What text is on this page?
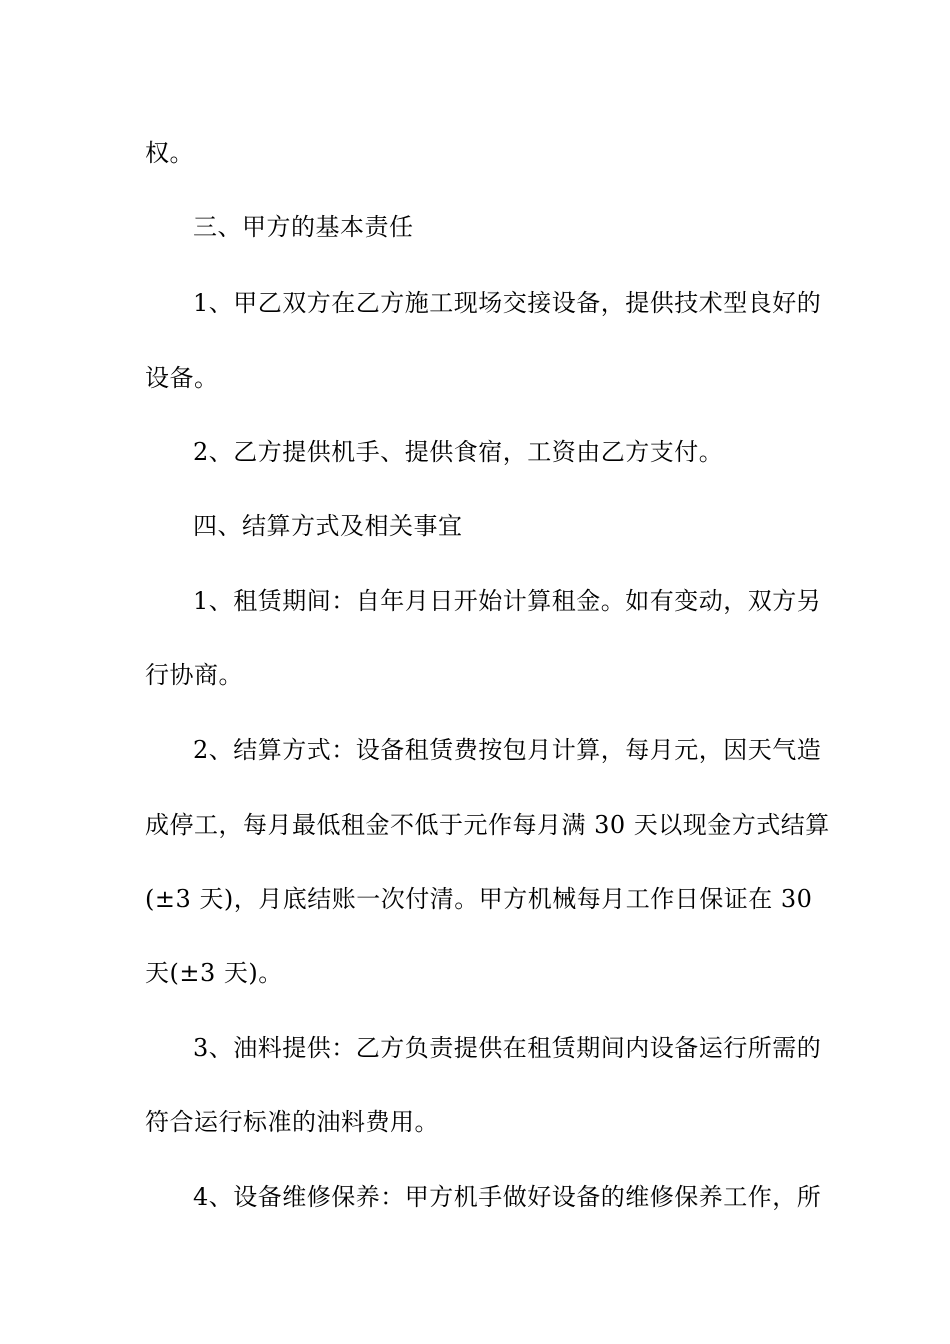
权。
三、甲方的基本责任
1、甲乙双方在乙方施工现场交接设备，提供技术型良好的
设备。
2、乙方提供机手、提供食宿，工资由乙方支付。
四、结算方式及相关事宜
1、租赁期间：自年月日开始计算租金。如有变动，双方另
行协商。
2、结算方式：设备租赁费按包月计算，每月元，因天气造
成停工，每月最低租金不低于元作每月满 30 天以现金方式结算
(±3 天)，月底结账一次付清。甲方机械每月工作日保证在 30
天(±3 天)。
3、油料提供：乙方负责提供在租赁期间内设备运行所需的
符合运行标准的油料费用。
4、设备维修保养：甲方机手做好设备的维修保养工作，所
